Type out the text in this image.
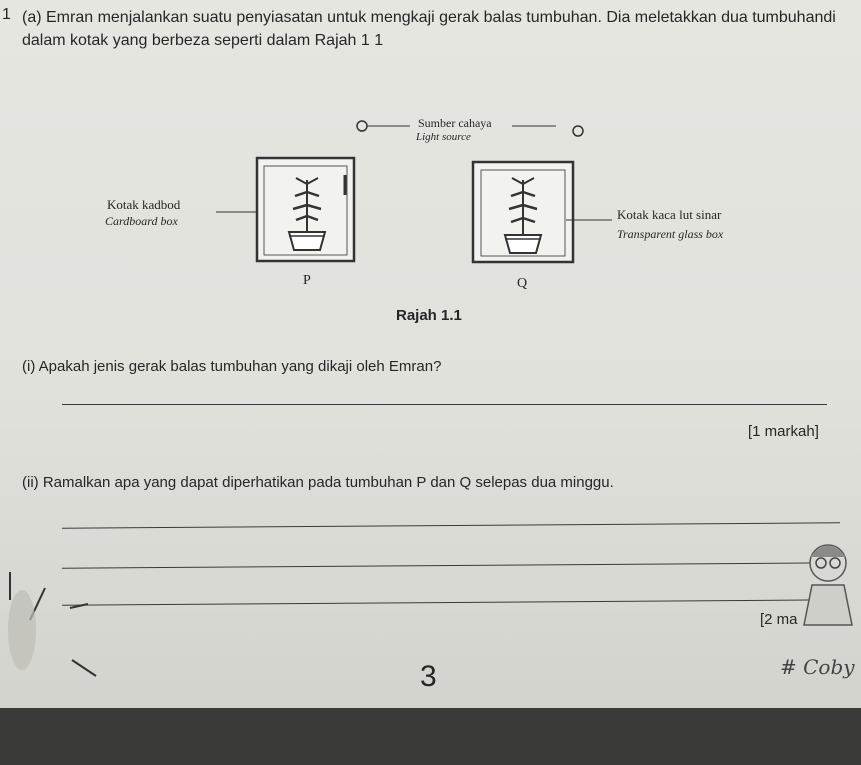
1 (a) Emran menjalankan suatu penyiasatan untuk mengkaji gerak balas tumbuhan. Dia meletakkan dua tumbuhandi dalam kotak yang berbeza seperti dalam Rajah 1 1
Sumber cahaya
Light source
Kotak kadbod
Cardboard box	Kotak kaca lut sinar
Transparent glass box
P	Q
Rajah 1.1
(i) Apakah jenis gerak balas tumbuhan yang dikaji oleh Emran?
[1 markah]
(ii) Ramalkan apa yang dapat diperhatikan pada tumbuhan P dan Q selepas dua minggu.
[2 ma
3	# Coby
